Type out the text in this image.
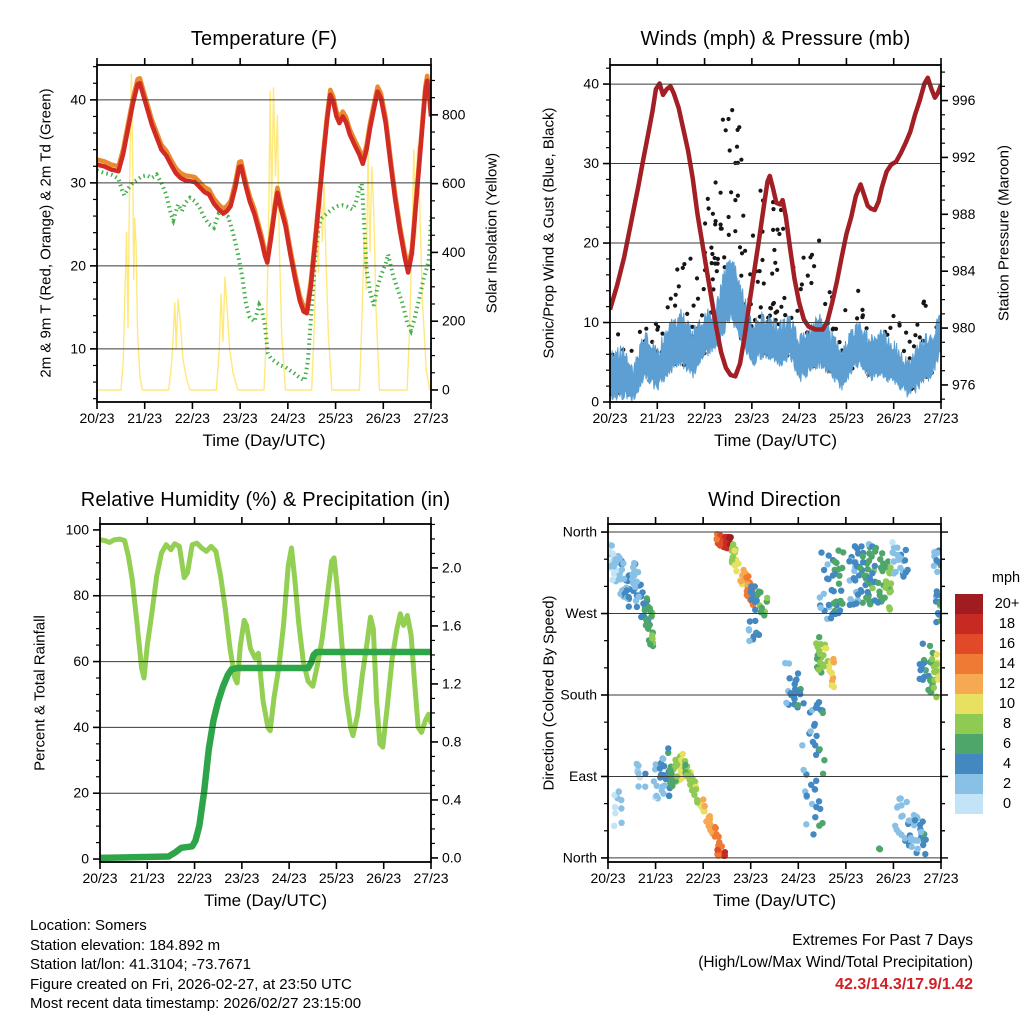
20/23 21/23 22/23 23/23 24/23 25/23 26/23 27/23
10
20
30
40
0
200
400
600
800
20/23 21/23 22/23 23/23 24/23 25/23 26/23 27/23
0
10
20
30
40
976
980
984
988
992
996
20/23 21/23 22/23 23/23 24/23 25/23 26/23 27/23
0
20
40
60
80
100
0.0
0.4
0.8
1.2
1.6
2.0
20/23 21/23 22/23 23/23 24/23 25/23 26/23 27/23
North
East
South
West
North
Temperature (F)	Winds (mph) & Pressure (mb)
Relative Humidity (%) & Precipitation (in)	Wind Direction
Time (Day/UTC)	Time (Day/UTC)
Time (Day/UTC)	Time (Day/UTC)
2m & 9m T (Red, Orange) & 2m Td (Green)	Solar Insolation (Yellow)	Sonic/Prop Wind & Gust (Blue, Black)	Station Pressure (Maroon)
Percent & Total Rainfall	Direction (Colored By Speed)
mph
20+
18
16
14
12
10
8
6
4
2
0
Location: Somers
Station elevation: 184.892 m
Station lat/lon: 41.3104; -73.7671
Figure created on Fri, 2026-02-27, at 23:50 UTC
Most recent data timestamp: 2026/02/27 23:15:00
Extremes For Past 7 Days
(High/Low/Max Wind/Total Precipitation)
42.3/14.3/17.9/1.42
